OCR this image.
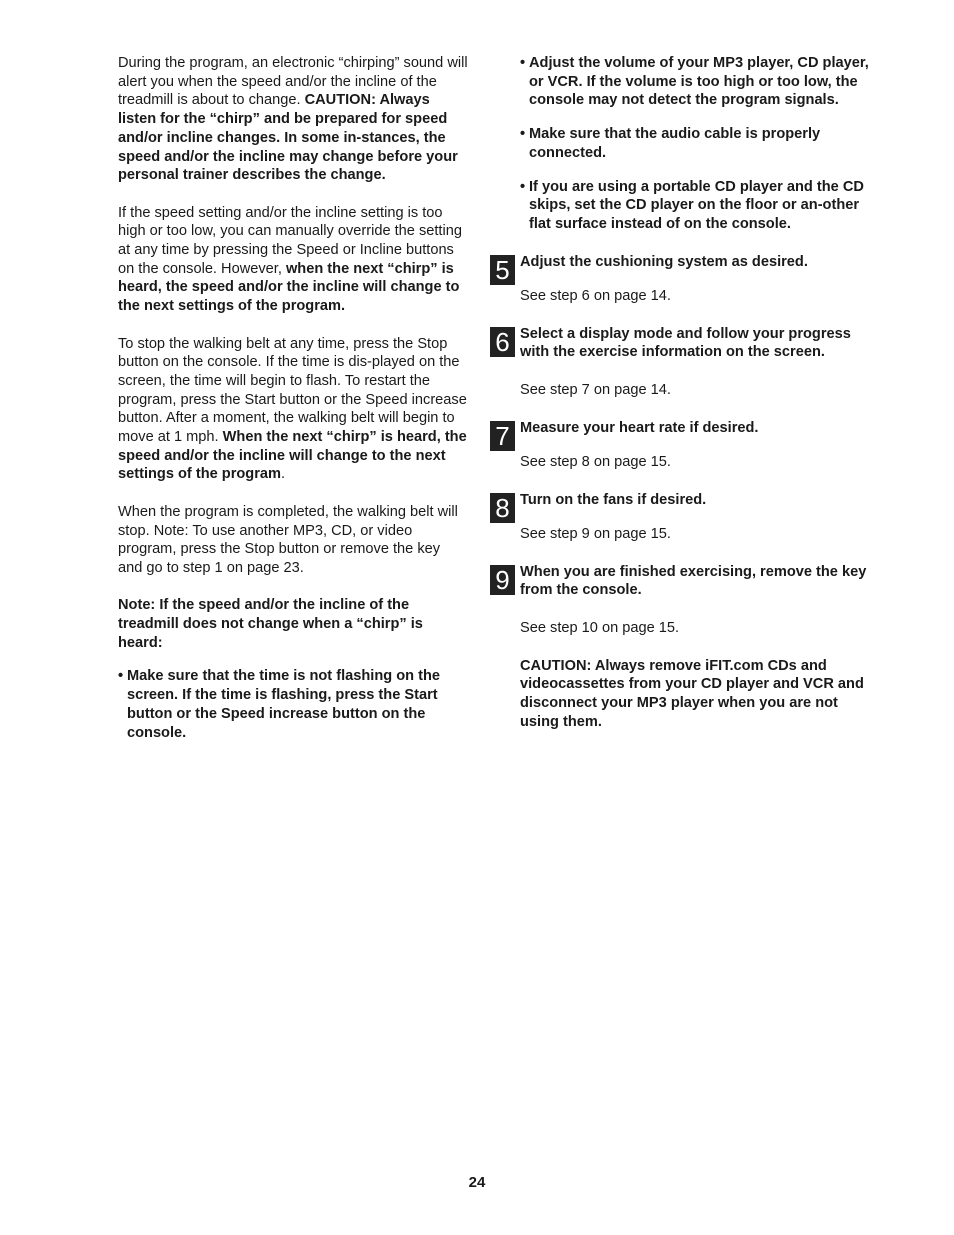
During the program, an electronic “chirping” sound will alert you when the speed and/or the incline of the treadmill is about to change. CAUTION: Always listen for the “chirp” and be prepared for speed and/or incline changes. In some in-stances, the speed and/or the incline may change before your personal trainer describes the change.

If the speed setting and/or the incline setting is too high or too low, you can manually override the setting at any time by pressing the Speed or Incline buttons on the console. However, when the next “chirp” is heard, the speed and/or the incline will change to the next settings of the program.

To stop the walking belt at any time, press the Stop button on the console. If the time is dis-played on the screen, the time will begin to flash. To restart the program, press the Start button or the Speed increase button. After a moment, the walking belt will begin to move at 1 mph. When the next “chirp” is heard, the speed and/or the incline will change to the next settings of the program.

When the program is completed, the walking belt will stop. Note: To use another MP3, CD, or video program, press the Stop button or remove the key and go to step 1 on page 23.

Note: If the speed and/or the incline of the treadmill does not change when a “chirp” is heard:

• Make sure that the time is not flashing on the screen. If the time is flashing, press the Start button or the Speed increase button on the console.
• Adjust the volume of your MP3 player, CD player, or VCR. If the volume is too high or too low, the console may not detect the program signals.
• Make sure that the audio cable is properly connected.
• If you are using a portable CD player and the CD skips, set the CD player on the floor or an-other flat surface instead of on the console.
5 Adjust the cushioning system as desired.
See step 6 on page 14.
6 Select a display mode and follow your progress with the exercise information on the screen.
See step 7 on page 14.
7 Measure your heart rate if desired.
See step 8 on page 15.
8 Turn on the fans if desired.
See step 9 on page 15.
9 When you are finished exercising, remove the key from the console.
See step 10 on page 15.
CAUTION: Always remove iFIT.com CDs and videocassettes from your CD player and VCR and disconnect your MP3 player when you are not using them.
24
